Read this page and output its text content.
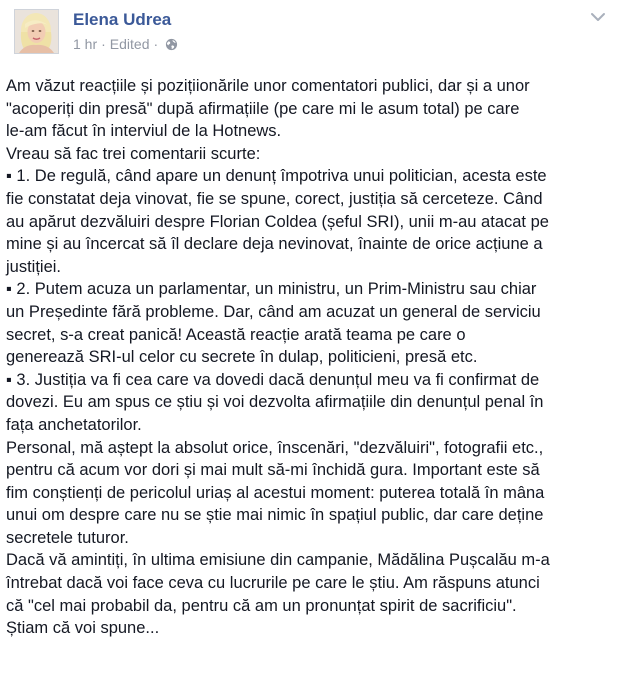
Elena Udrea
1 hr · Edited ·

Am văzut reacțiile și pozițiionările unor comentatori publici, dar și a unor

"acoperiți din presă" după afirmațiile (pe care mi le asum total) pe care

le-am făcut în interviul de la Hotnews.

Vreau să fac trei comentarii scurte:

▪ 1. De regulă, când apare un denunț împotriva unui politician, acesta este

fie constatat deja vinovat, fie se spune, corect, justiția să cerceteze. Când

au apărut dezvăluiri despre Florian Coldea (șeful SRI), unii m-au atacat pe

mine și au încercat să îl declare deja nevinovat, înainte de orice acțiune a

justiției.

▪ 2. Putem acuza un parlamentar, un ministru, un Prim-Ministru sau chiar

un Președinte fără probleme. Dar, când am acuzat un general de serviciu

secret, s-a creat panică! Această reacție arată teama pe care o

generează SRI-ul celor cu secrete în dulap, politicieni, presă etc.

▪ 3. Justiția va fi cea care va dovedi dacă denunțul meu va fi confirmat de

dovezi. Eu am spus ce știu și voi dezvolta afirmațiile din denunțul penal în

fața anchetatorilor.

Personal, mă aștept la absolut orice, înscenări, "dezvăluiri", fotografii etc.,

pentru că acum vor dori și mai mult să-mi închidă gura. Important este să

fim conștienți de pericolul uriaș al acestui moment: puterea totală în mâna

unui om despre care nu se știe mai nimic în spațiul public, dar care deține

secretele tuturor.

Dacă vă amintiți, în ultima emisiune din campanie, Mădălina Pușcalău m-a

întrebat dacă voi face ceva cu lucrurile pe care le știu. Am răspuns atunci

că "cel mai probabil da, pentru că am un pronunțat spirit de sacrificiu".

Știam că voi spune...
